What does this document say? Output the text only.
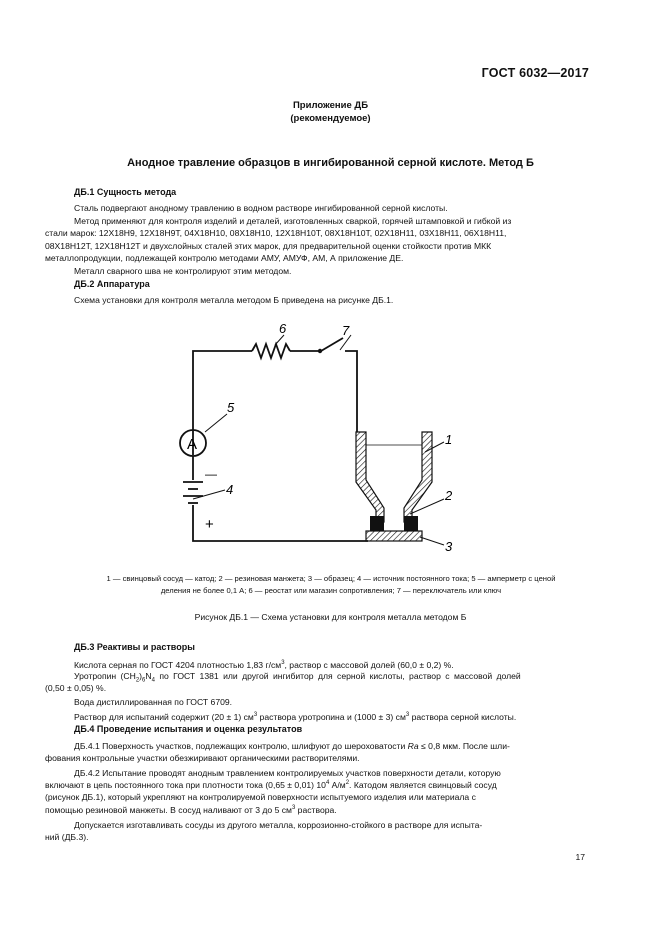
ГОСТ 6032—2017
Приложение ДБ
(рекомендуемое)
Анодное травление образцов в ингибированной серной кислоте. Метод Б
ДБ.1 Сущность метода
Сталь подвергают анодному травлению в водном растворе ингибированной серной кислоты.
Метод применяют для контроля изделий и деталей, изготовленных сваркой, горячей штамповкой и гибкой из
стали марок: 12Х18Н9, 12Х18Н9Т, 04Х18Н10, 08Х18Н10, 12Х18Н10Т, 08Х18Н10Т, 02Х18Н11, 03Х18Н11, 06Х18Н11,
08Х18Н12Т, 12Х18Н12Т и двухслойных сталей этих марок, для предварительной оценки стойкости против МКК
металлопродукции, подлежащей контролю методами АМУ, АМУФ, АМ, А приложение ДЕ.
Металл сварного шва не контролируют этим методом.
ДБ.2 Аппаратура
Схема установки для контроля металла методом Б приведена на рисунке ДБ.1.
6	7
5
4
1
2
3
A
—
+
1 — свинцовый сосуд — катод; 2 — резиновая манжета; 3 — образец; 4 — источник постоянного тока; 5 — амперметр с ценой
деления не более 0,1 А; 6 — реостат или магазин сопротивления; 7 — переключатель или ключ
Рисунок ДБ.1 — Схема установки для контроля металла методом Б
ДБ.3 Реактивы и растворы
Кислота серная по ГОСТ 4204 плотностью 1,83 $г/см^3$, раствор с массовой долей (60,0 ± 0,2) %.
Уротропин $(CH_2)_6N_4$ по ГОСТ 1381 или другой ингибитор для серной кислоты, раствор с массовой долей
(0,50 ± 0,05) %.
Вода дистиллированная по ГОСТ 6709.
Раствор для испытаний содержит (20 ± 1) $см^3$ раствора уротропина и (1000 ± 3) $см^3$ раствора серной кислоты.
ДБ.4 Проведение испытания и оценка результатов
ДБ.4.1 Поверхность участков, подлежащих контролю, шлифуют до шероховатости Ra ≤ 0,8 мкм. После шли-
фования контрольные участки обезжиривают органическими растворителями.
ДБ.4.2 Испытание проводят анодным травлением контролируемых участков поверхности детали, которую
включают в цепь постоянного тока при плотности тока (0,65 ± 0,01) $10^4$ $А/м^2$. Катодом является свинцовый сосуд
(рисунок ДБ.1), который укрепляют на контролируемой поверхности испытуемого изделия или материала с
помощью резиновой манжеты. В сосуд наливают от 3 до 5 $см^3$ раствора.
Допускается изготавливать сосуды из другого металла, коррозионно-стойкого в растворе для испыта-
ний (ДБ.3).
17
